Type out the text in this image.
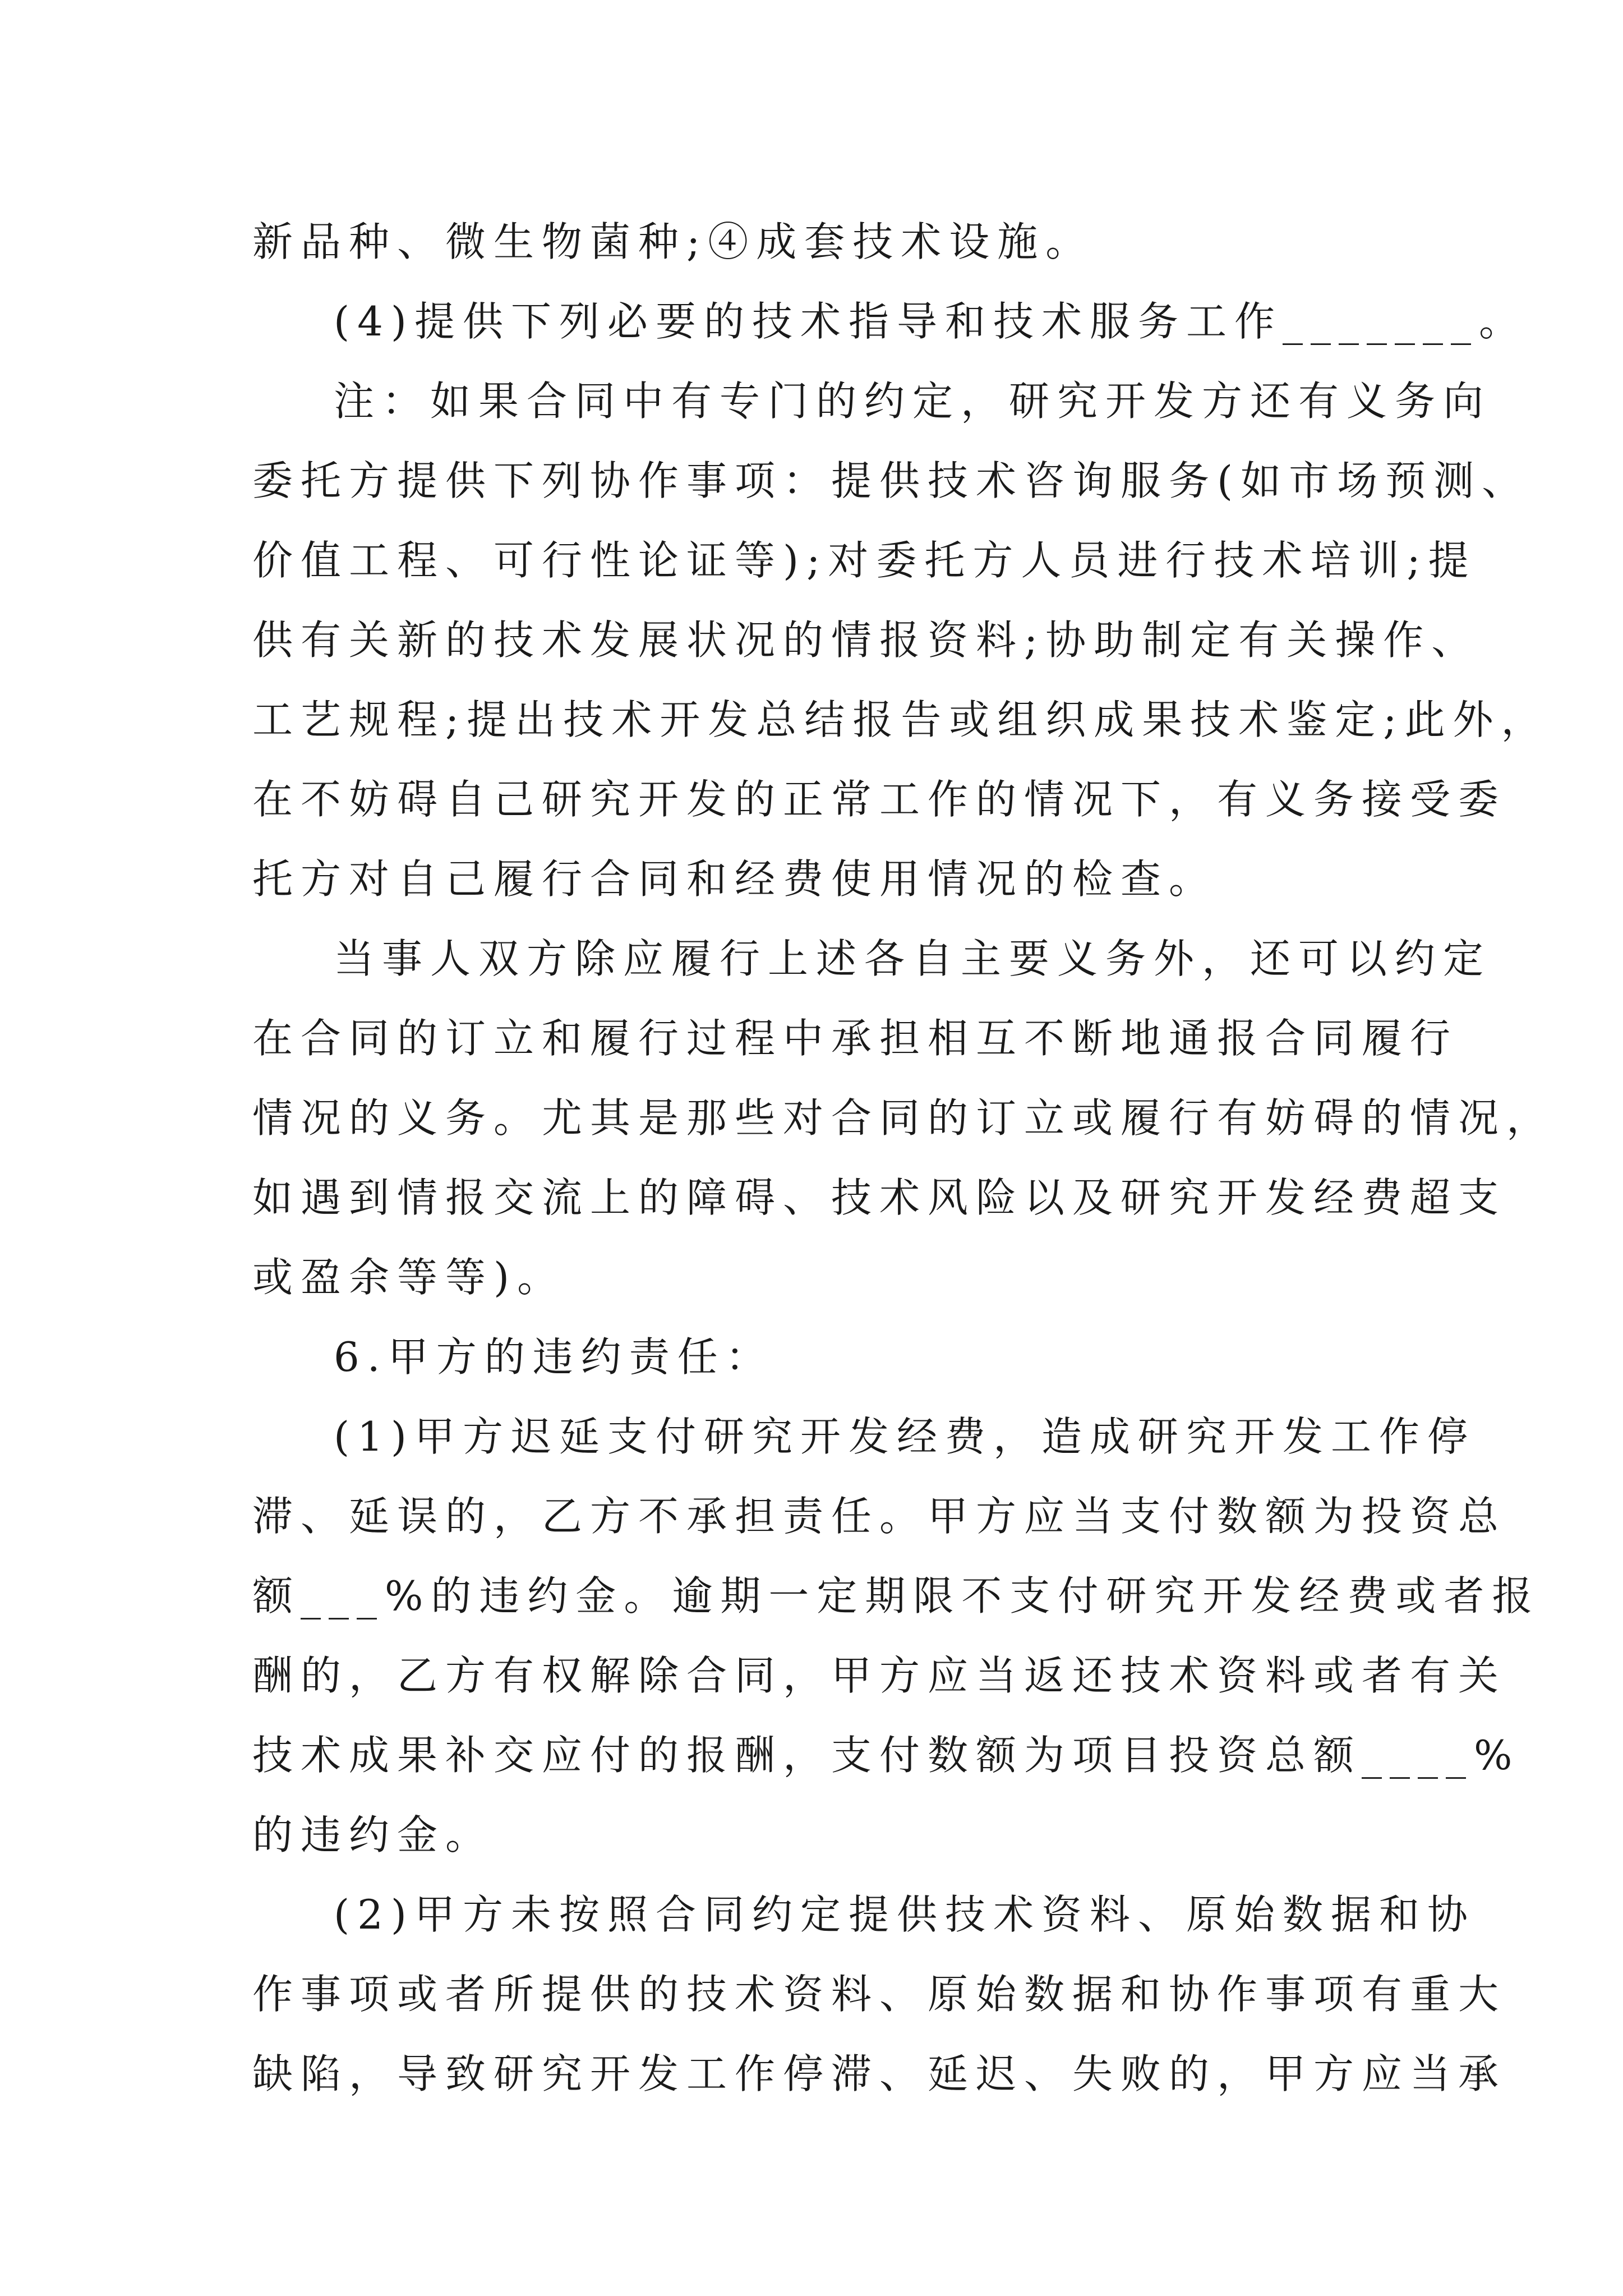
新品种、微生物菌种;④成套技术设施。
(4)提供下列必要的技术指导和技术服务工作_______。
注：如果合同中有专门的约定，研究开发方还有义务向
委托方提供下列协作事项：提供技术咨询服务(如市场预测、
价值工程、可行性论证等);对委托方人员进行技术培训;提
供有关新的技术发展状况的情报资料;协助制定有关操作、
工艺规程;提出技术开发总结报告或组织成果技术鉴定;此外，
在不妨碍自己研究开发的正常工作的情况下，有义务接受委
托方对自己履行合同和经费使用情况的检查。
当事人双方除应履行上述各自主要义务外，还可以约定
在合同的订立和履行过程中承担相互不断地通报合同履行
情况的义务。尤其是那些对合同的订立或履行有妨碍的情况，
如遇到情报交流上的障碍、技术风险以及研究开发经费超支
或盈余等等)。
6.甲方的违约责任：
(1)甲方迟延支付研究开发经费，造成研究开发工作停
滞、延误的，乙方不承担责任。甲方应当支付数额为投资总
额___%的违约金。逾期一定期限不支付研究开发经费或者报
酬的，乙方有权解除合同，甲方应当返还技术资料或者有关
技术成果补交应付的报酬，支付数额为项目投资总额____%
的违约金。
(2)甲方未按照合同约定提供技术资料、原始数据和协
作事项或者所提供的技术资料、原始数据和协作事项有重大
缺陷，导致研究开发工作停滞、延迟、失败的，甲方应当承
